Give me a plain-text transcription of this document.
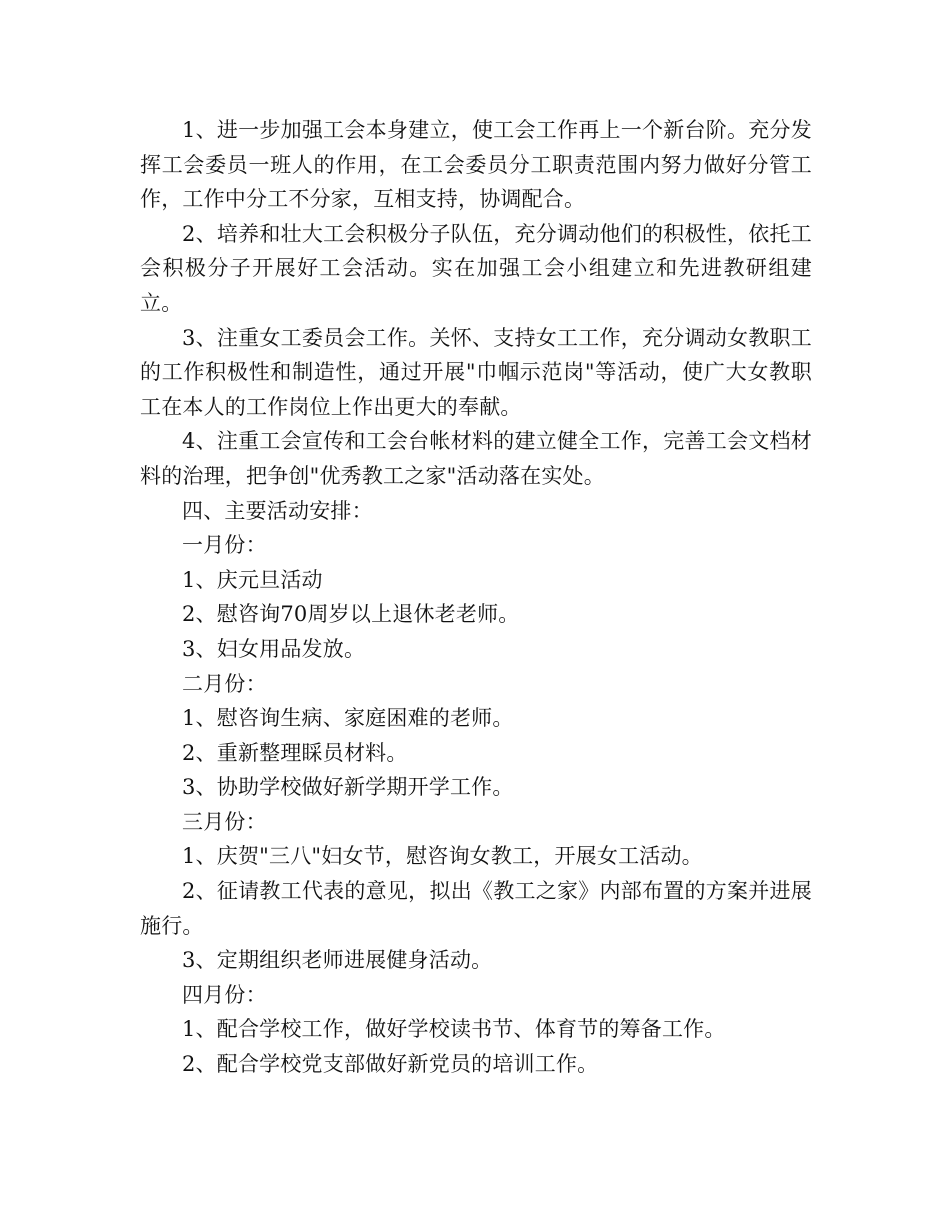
1、进一步加强工会本身建立，使工会工作再上一个新台阶。充分发挥工会委员一班人的作用，在工会委员分工职责范围内努力做好分管工作，工作中分工不分家，互相支持，协调配合。

2、培养和壮大工会积极分子队伍，充分调动他们的积极性，依托工会积极分子开展好工会活动。实在加强工会小组建立和先进教研组建立。

3、注重女工委员会工作。关怀、支持女工工作，充分调动女教职工的工作积极性和制造性，通过开展"巾帼示范岗"等活动，使广大女教职工在本人的工作岗位上作出更大的奉献。

4、注重工会宣传和工会台帐材料的建立健全工作，完善工会文档材料的治理，把争创"优秀教工之家"活动落在实处。

四、主要活动安排：

一月份：

1、庆元旦活动

2、慰咨询70周岁以上退休老老师。

3、妇女用品发放。

二月份：

1、慰咨询生病、家庭困难的老师。

2、重新整理睬员材料。

3、协助学校做好新学期开学工作。

三月份：

1、庆贺"三八"妇女节，慰咨询女教工，开展女工活动。

2、征请教工代表的意见，拟出《教工之家》内部布置的方案并进展施行。

3、定期组织老师进展健身活动。

四月份：

1、配合学校工作，做好学校读书节、体育节的筹备工作。

2、配合学校党支部做好新党员的培训工作。
